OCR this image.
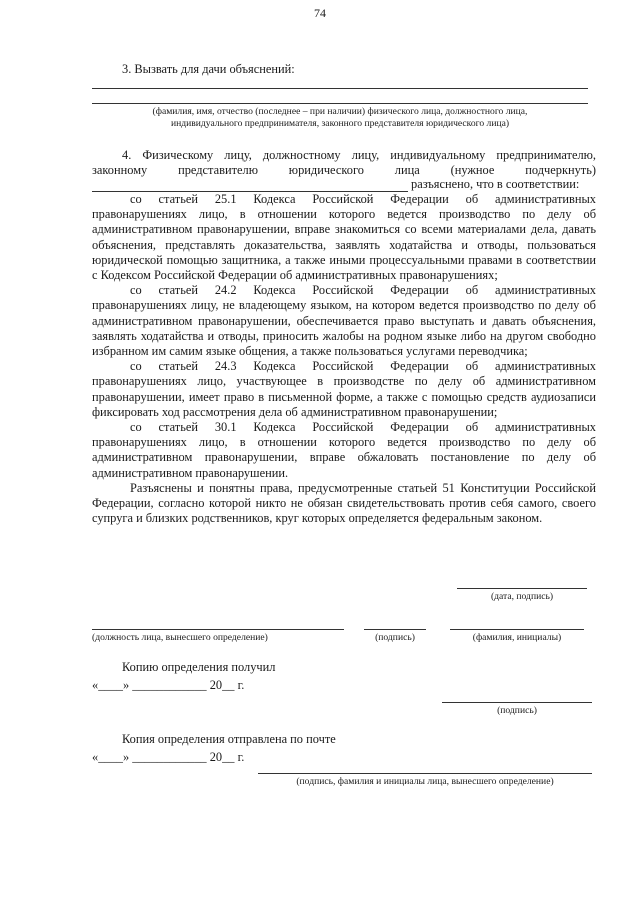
74
3. Вызвать для дачи объяснений:
(фамилия, имя, отчество (последнее – при наличии) физического лица, должностного лица,
индивидуального предпринимателя, законного представителя юридического лица)
4. Физическому лицу, должностному лицу, индивидуальному предпринимателю,
законному представителю юридического лица (нужное подчеркнуть)
разъяснено, что в соответствии:

со статьей 25.1 Кодекса Российской Федерации об административных правонарушениях лицо, в отношении которого ведется производство по делу об административном правонарушении, вправе знакомиться со всеми материалами дела, давать объяснения, представлять доказательства, заявлять ходатайства и отводы, пользоваться юридической помощью защитника, а также иными процессуальными правами в соответствии с Кодексом Российской Федерации об административных правонарушениях;

со статьей 24.2 Кодекса Российской Федерации об административных правонарушениях лицу, не владеющему языком, на котором ведется производство по делу об административном правонарушении, обеспечивается право выступать и давать объяснения, заявлять ходатайства и отводы, приносить жалобы на родном языке либо на другом свободно избранном им самим языке общения, а также пользоваться услугами переводчика;

со статьей 24.3 Кодекса Российской Федерации об административных правонарушениях лицо, участвующее в производстве по делу об административном правонарушении, имеет право в письменной форме, а также с помощью средств аудиозаписи фиксировать ход рассмотрения дела об административном правонарушении;

со статьей 30.1 Кодекса Российской Федерации об административных правонарушениях лицо, в отношении которого ведется производство по делу об административном правонарушении, вправе обжаловать постановление по делу об административном правонарушении.

Разъяснены и понятны права, предусмотренные статьей 51 Конституции Российской Федерации, согласно которой никто не обязан свидетельствовать против себя самого, своего супруга и близких родственников, круг которых определяется федеральным законом.

(дата, подпись)
(должность лица, вынесшего определение)	(подпись)	(фамилия, инициалы)
Копию определения получил
«____» ____________ 20__ г.
(подпись)
Копия определения отправлена по почте
«____» ____________ 20__ г.
(подпись, фамилия и инициалы лица, вынесшего определение)
